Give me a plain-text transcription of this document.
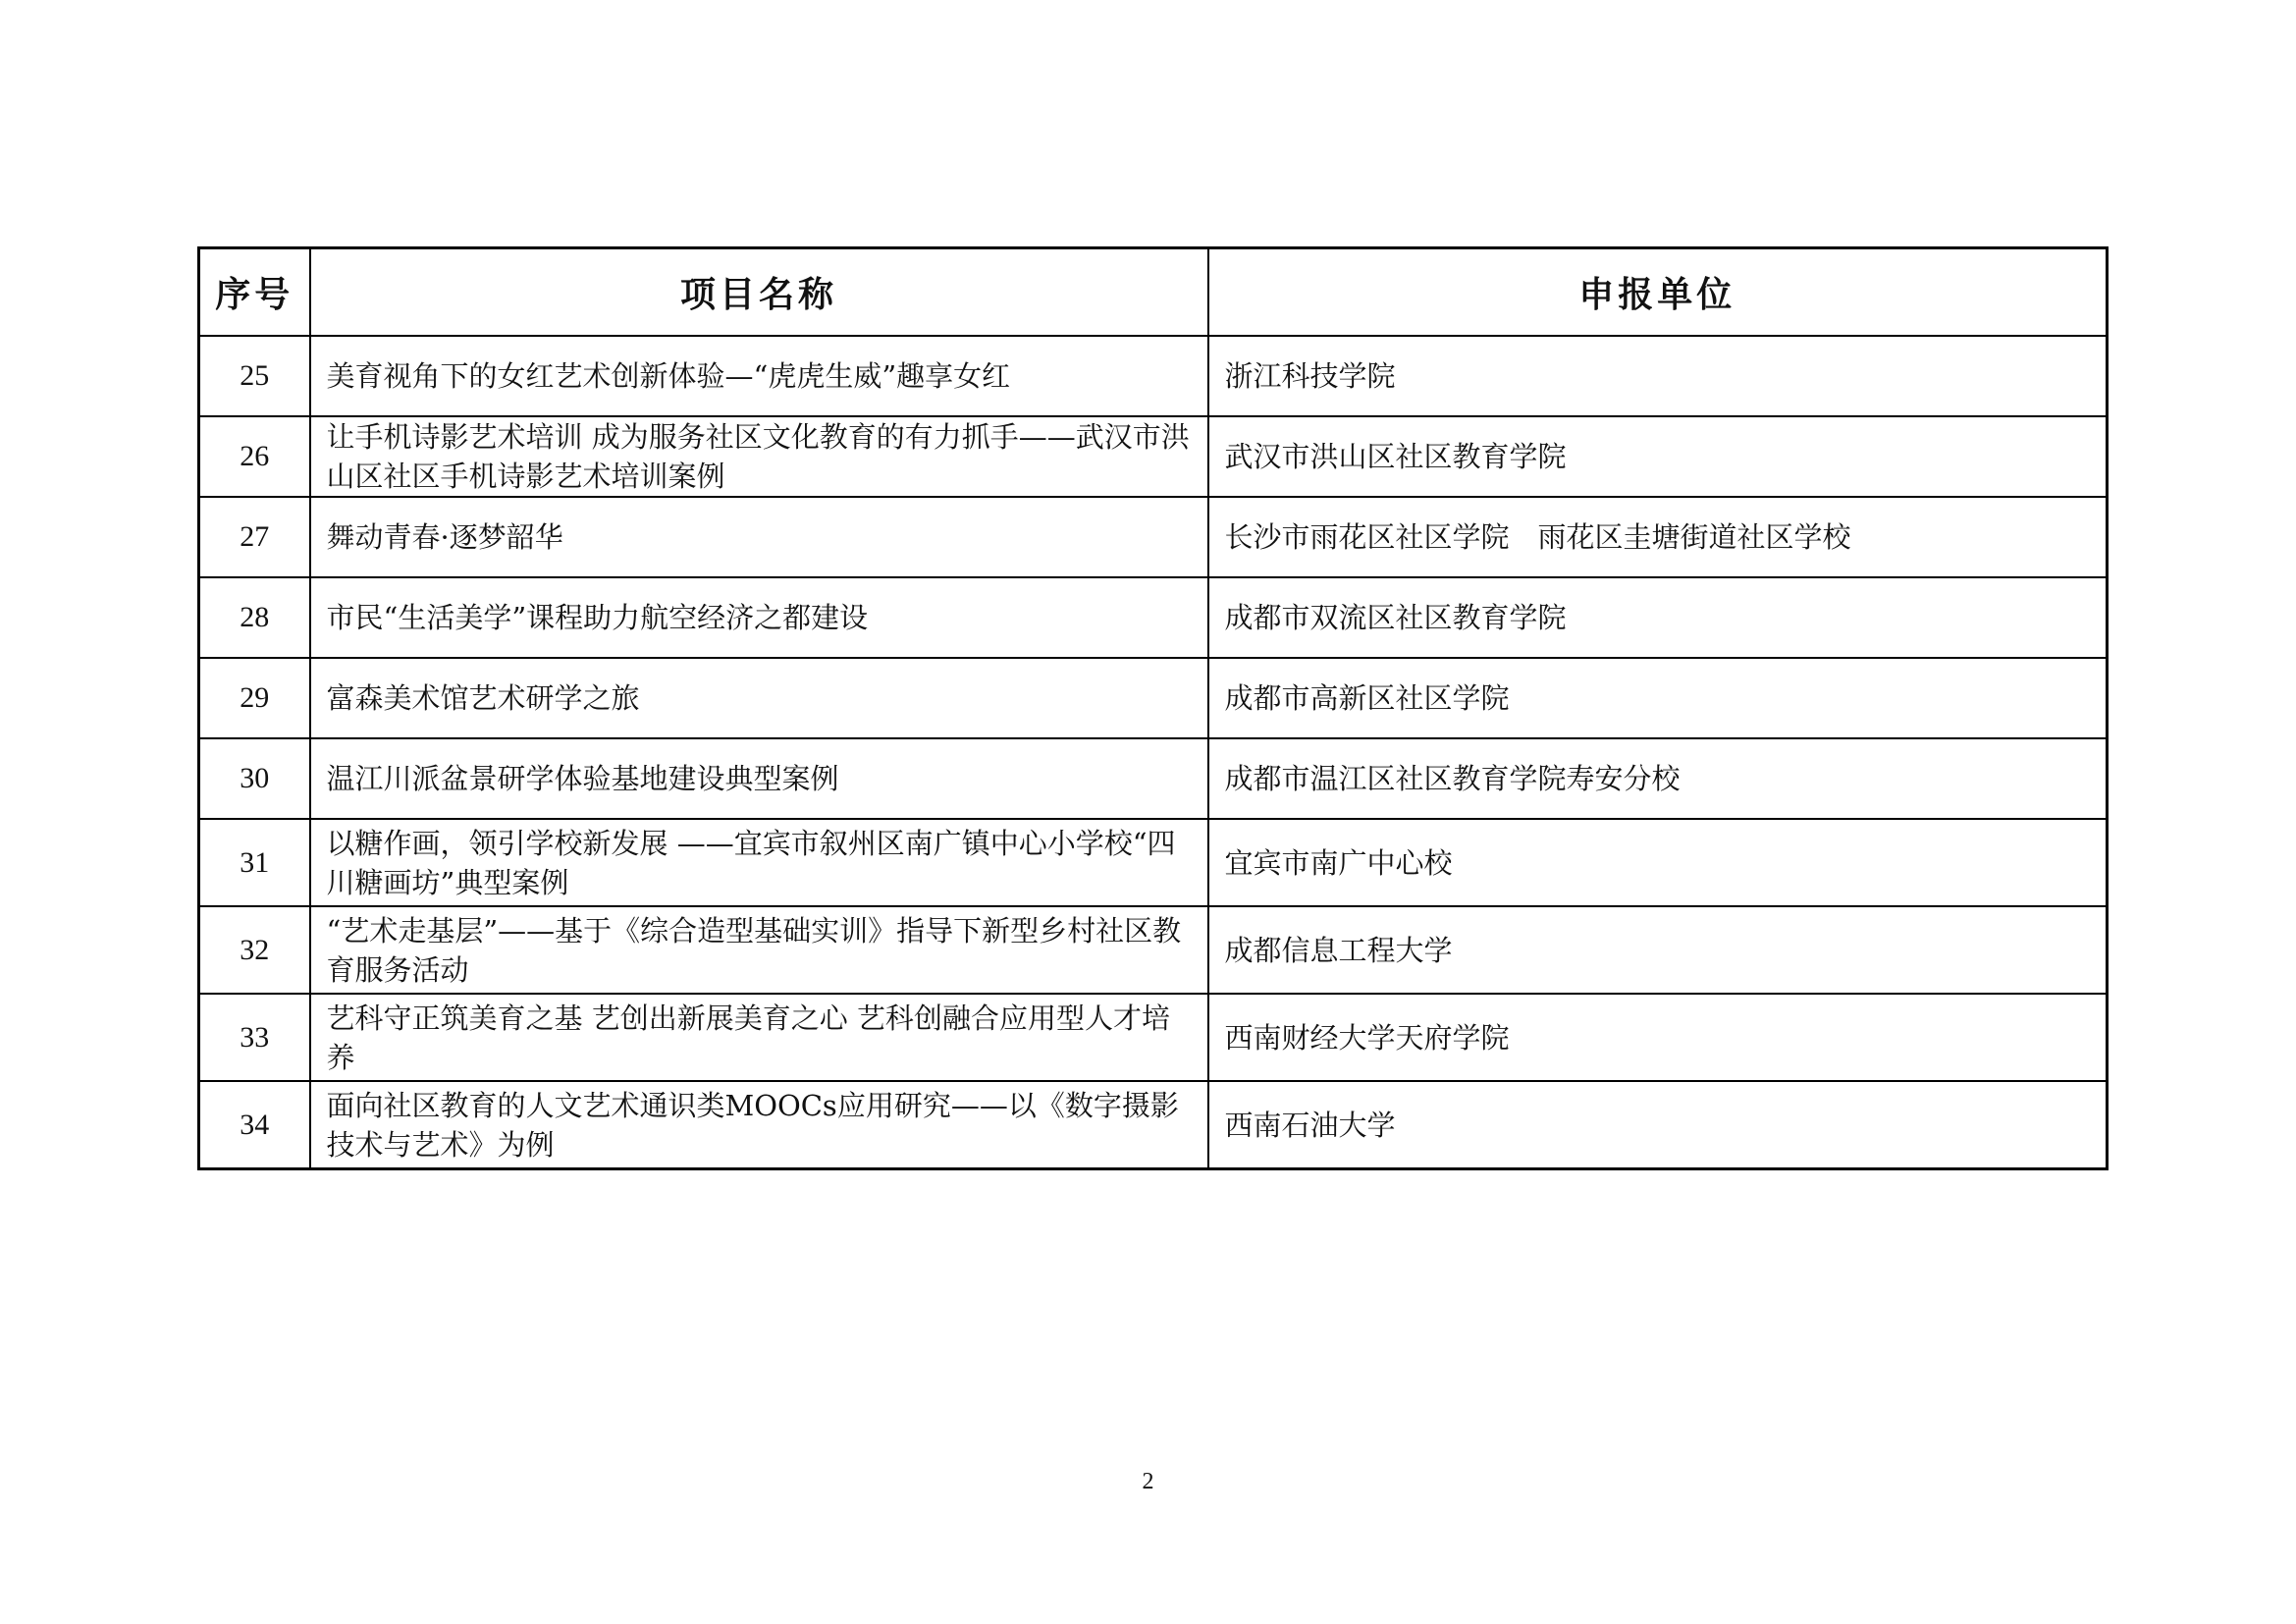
序号	项目名称	申报单位
25	美育视角下的女红艺术创新体验—“虎虎生威”趣享女红	浙江科技学院
26	让手机诗影艺术培训 成为服务社区文化教育的有力抓手——武汉市洪山区社区手机诗影艺术培训案例	武汉市洪山区社区教育学院
27	舞动青春·逐梦韶华	长沙市雨花区社区学院　雨花区圭塘街道社区学校
28	市民“生活美学”课程助力航空经济之都建设	成都市双流区社区教育学院
29	富森美术馆艺术研学之旅	成都市高新区社区学院
30	温江川派盆景研学体验基地建设典型案例	成都市温江区社区教育学院寿安分校
31	以糖作画，领引学校新发展 ——宜宾市叙州区南广镇中心小学校“四川糖画坊”典型案例	宜宾市南广中心校
32	“艺术走基层”——基于《综合造型基础实训》指导下新型乡村社区教育服务活动	成都信息工程大学
33	艺科守正筑美育之基 艺创出新展美育之心 艺科创融合应用型人才培养	西南财经大学天府学院
34	面向社区教育的人文艺术通识类MOOCs应用研究——以《数字摄影技术与艺术》为例	西南石油大学
2
